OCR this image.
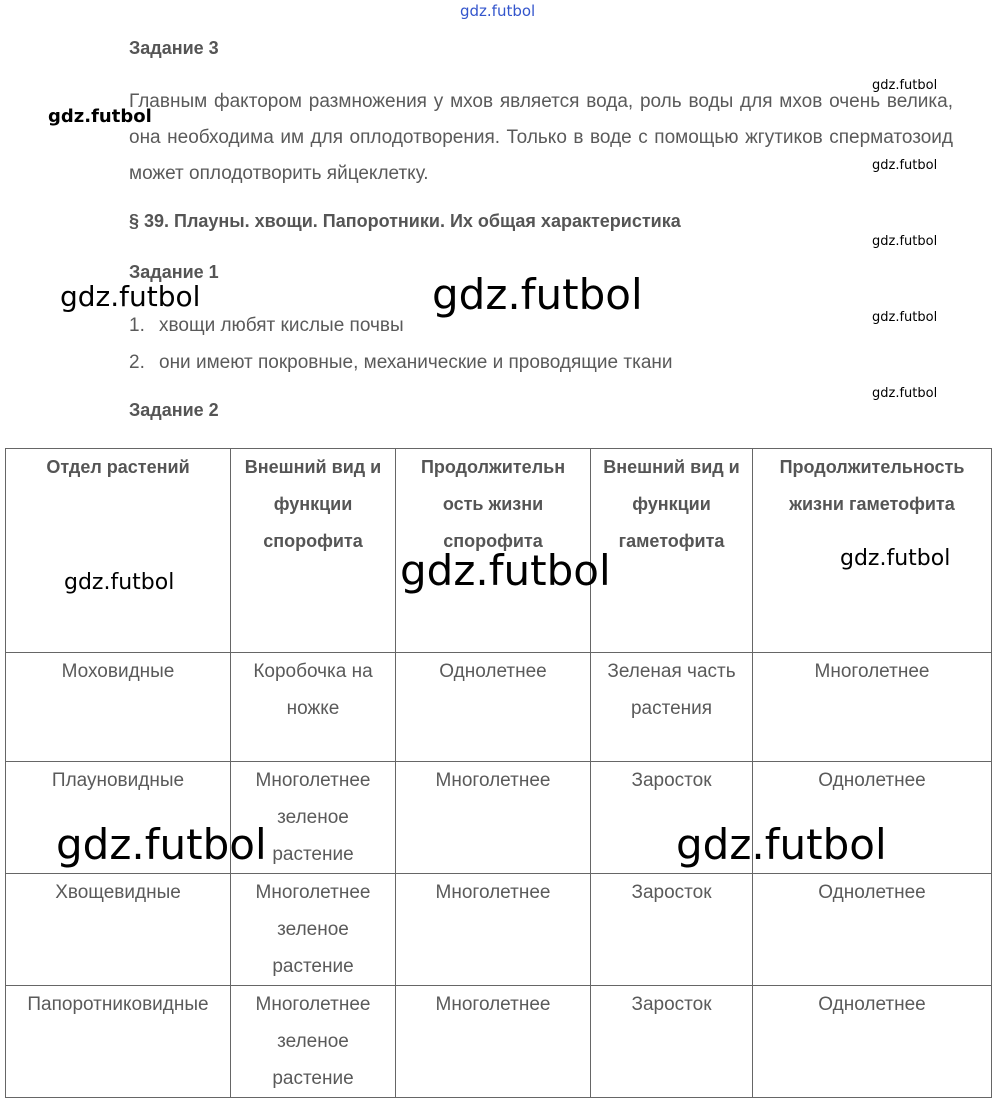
gdz.futbol
gdz.futbol
gdz.futbol
gdz.futbol
gdz.futbol
gdz.futbol	gdz.futbol	gdz.futbol
gdz.futbol
Задание 3
Главным фактором размножения у мхов является вода, роль воды для мхов очень велика, она необходима им для оплодотворения. Только в воде с помощью жгутиков сперматозоид может оплодотворить яйцеклетку.
§ 39. Плауны. хвощи. Папоротники. Их общая характеристика
Задание 1
1. хвощи любят кислые почвы
2. они имеют покровные, механические и проводящие ткани
Задание 2
Отдел растений	Внешний вид и функции спорофита	Продолжительн ость жизни спорофита	Внешний вид и функции гаметофита	Продолжительность жизни гаметофита
Моховидные	Коробочка на ножке	Однолетнее	Зеленая часть растения	Многолетнее
Плауновидные	Многолетнее зеленое растение	Многолетнее	Заросток	Однолетнее
Хвощевидные	Многолетнее зеленое растение	Многолетнее	Заросток	Однолетнее
Папоротниковидные	Многолетнее зеленое растение	Многолетнее	Заросток	Однолетнее
gdz.futbol	gdz.futbol	gdz.futbol
gdz.futbol	gdz.futbol
